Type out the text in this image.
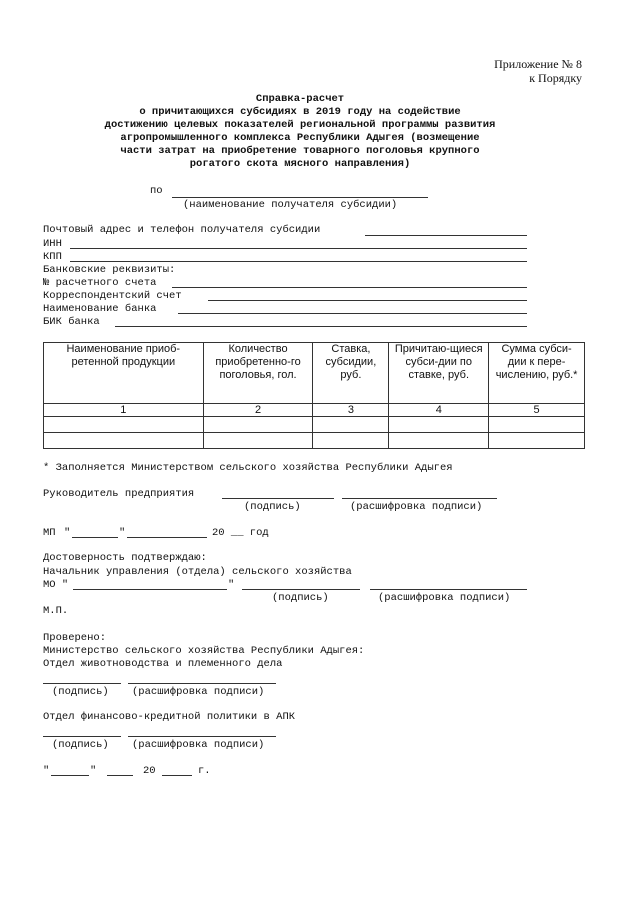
Приложение № 8
к Порядку
Справка-расчет
о причитающихся субсидиях в 2019 году на содействие
достижению целевых показателей региональной программы развития
агропромышленного комплекса Республики Адыгея (возмещение
части затрат на приобретение товарного поголовья крупного
рогатого скота мясного направления)
по
(наименование получателя субсидии)
Почтовый адрес и телефон получателя субсидии
ИНН
КПП
Банковские реквизиты:
№ расчетного счета
Корреспондентский счет
Наименование банка
БИК банка
Наименование приоб-ретенной продукции	Количество приобретенно-го поголовья, гол.	Ставка, субсидии, руб.	Причитаю-щиеся субси-дии по ставке, руб.	Сумма субси-дии к пере-числению, руб.*
1	2	3	4	5

* Заполняется Министерством сельского хозяйства Республики Адыгея
Руководитель предприятия
(подпись)	(расшифровка подписи)
МП "	"	20 __ год
Достоверность подтверждаю:
Начальник управления (отдела) сельского хозяйства
МО "	"
(подпись)	(расшифровка подписи)
М.П.
Проверено:
Министерство сельского хозяйства Республики Адыгея:
Отдел животноводства и племенного дела
(подпись) (расшифровка подписи)
Отдел финансово-кредитной политики в АПК
(подпись) (расшифровка подписи)
"	"	20	г.
